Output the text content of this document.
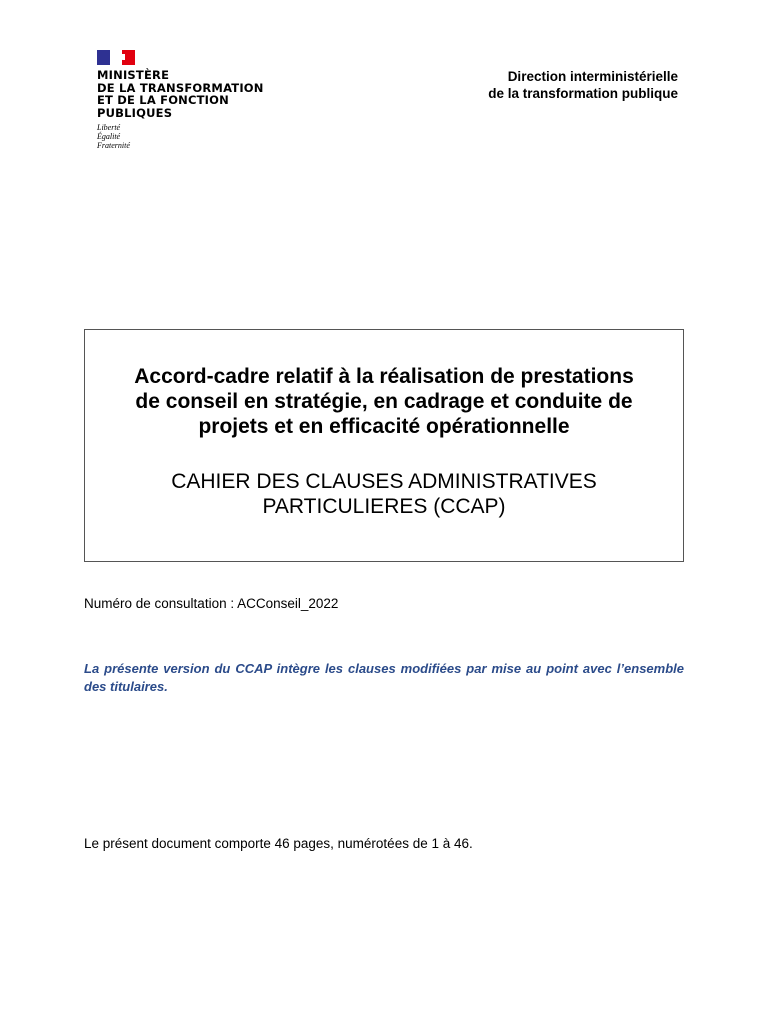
MINISTÈRE
DE LA TRANSFORMATION
ET DE LA FONCTION
PUBLIQUES
Liberté
Égalité
Fraternité
Direction interministérielle
de la transformation publique
Accord-cadre relatif à la réalisation de prestations
de conseil en stratégie, en cadrage et conduite de
projets et en efficacité opérationnelle
CAHIER DES CLAUSES ADMINISTRATIVES
PARTICULIERES (CCAP)
Numéro de consultation : ACConseil_2022
La présente version du CCAP intègre les clauses modifiées par mise au point avec l’ensemble des titulaires.
Le présent document comporte 46 pages, numérotées de 1 à 46.
